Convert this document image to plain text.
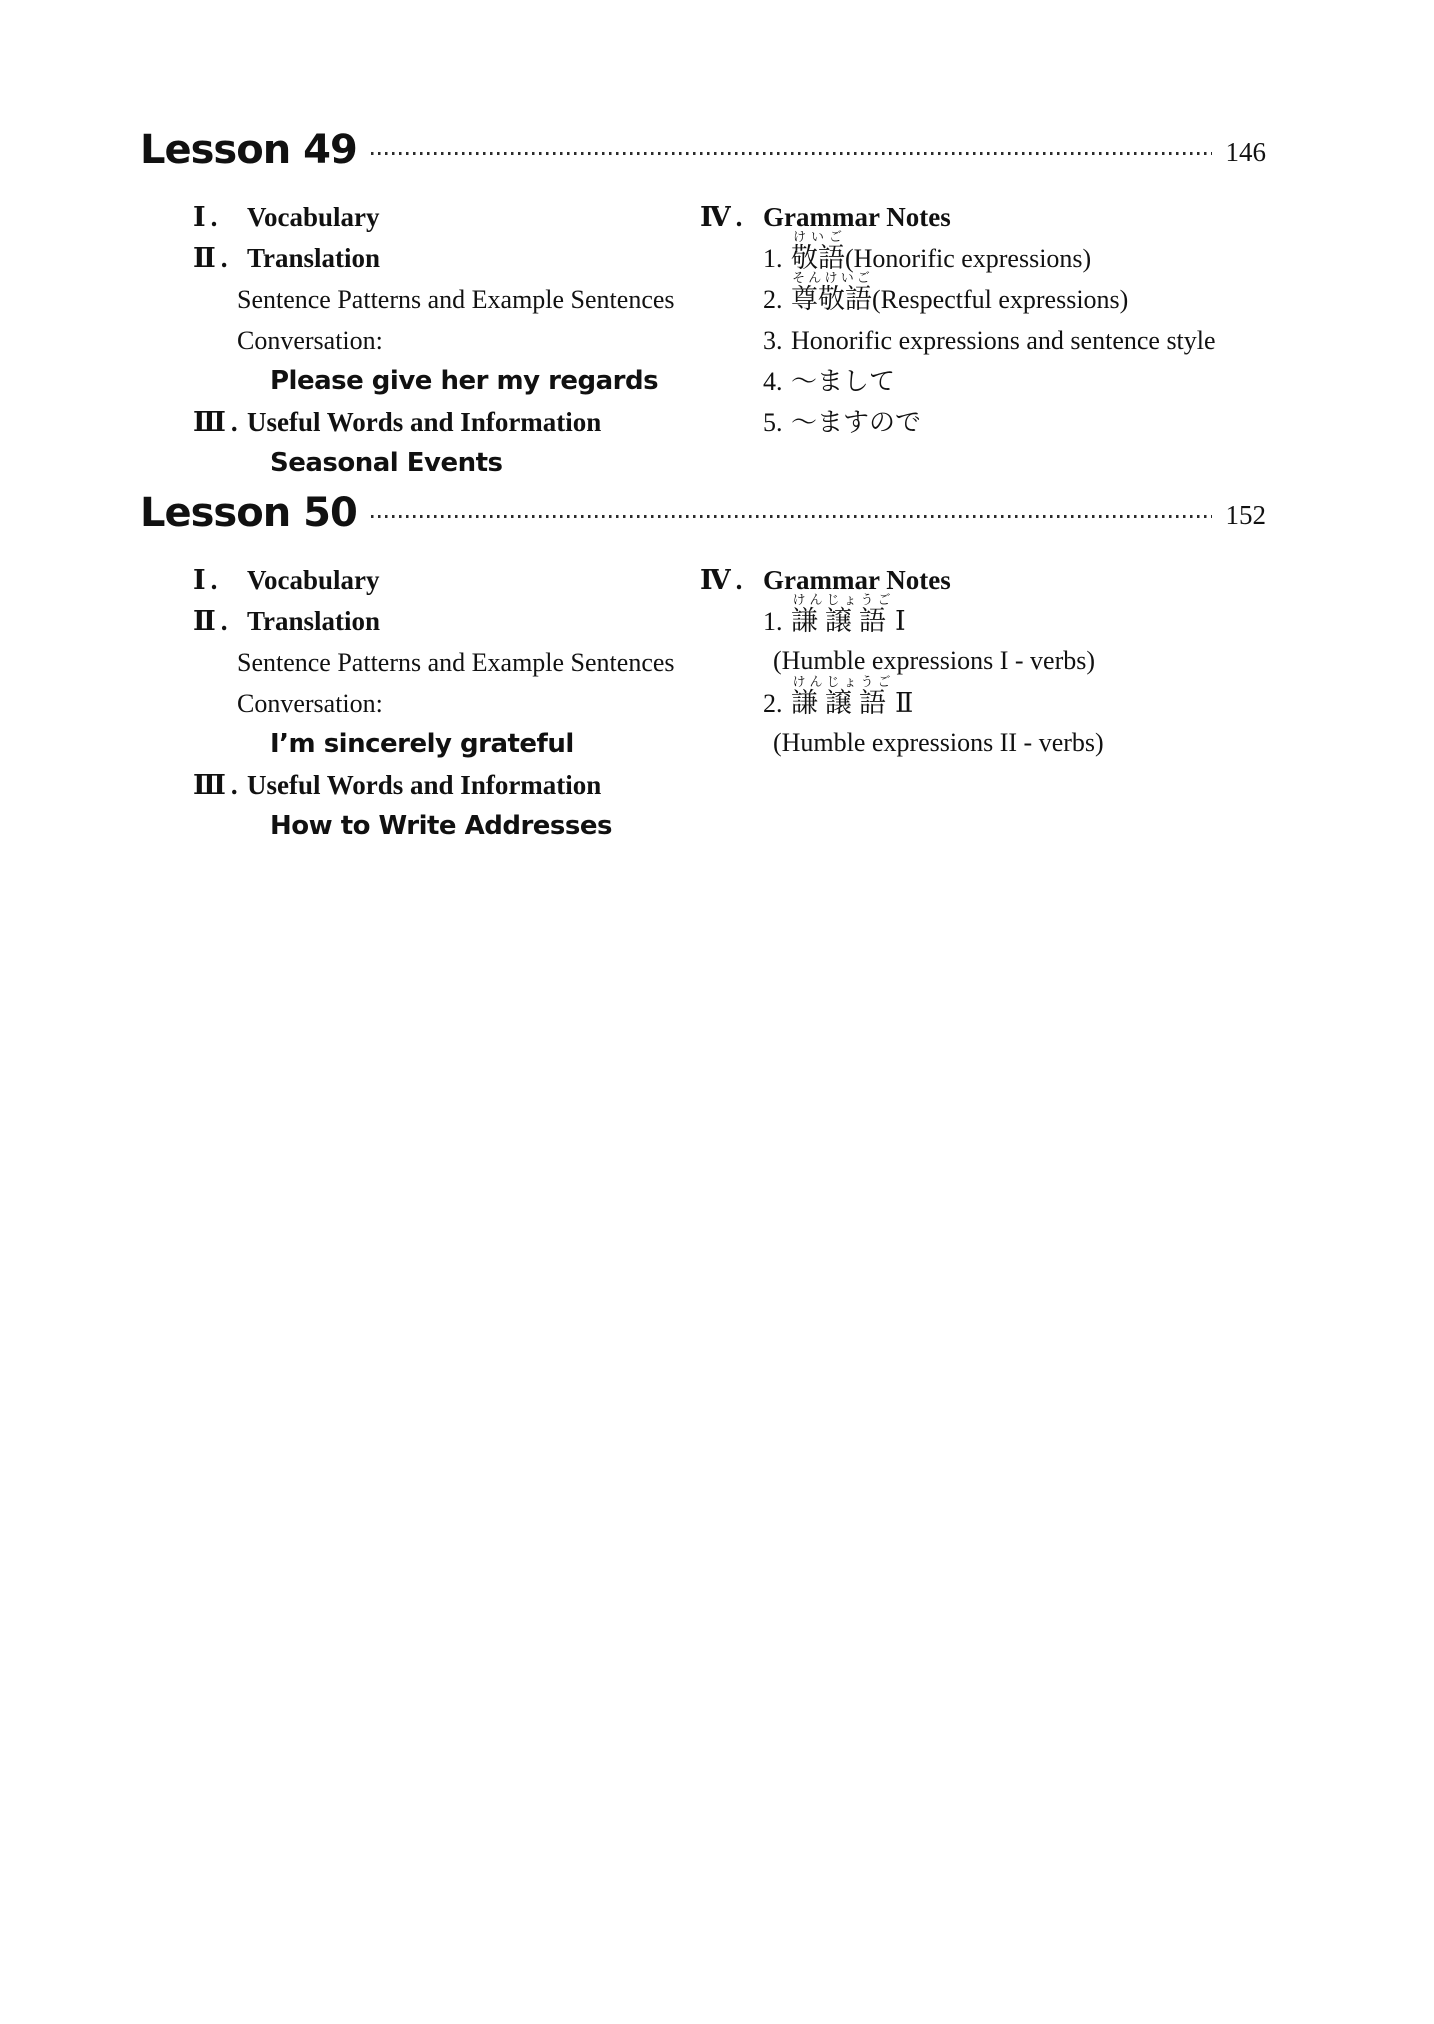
Lesson 49	146
Ⅰ. Vocabulary
Ⅱ. Translation
Sentence Patterns and Example Sentences
Conversation:
Please give her my regards
Ⅲ. Useful Words and Information
Seasonal Events
Ⅳ. Grammar Notes
1. 敬語けいご
(Honorific expressions)
2. 尊敬語そんけいご
(Respectful expressions)
3. Honorific expressions and sentence style
4. ～まして
5. ～ますので
Lesson 50	152
Ⅰ. Vocabulary
Ⅱ. Translation
Sentence Patterns and Example Sentences
Conversation:
I’m sincerely grateful
Ⅲ. Useful Words and Information
How to Write Addresses
Ⅳ. Grammar Notes
1. 謙譲語けんじょうご
Ⅰ
(Humble expressions I - verbs)
2. 謙譲語けんじょうご
Ⅱ
(Humble expressions II - verbs)
